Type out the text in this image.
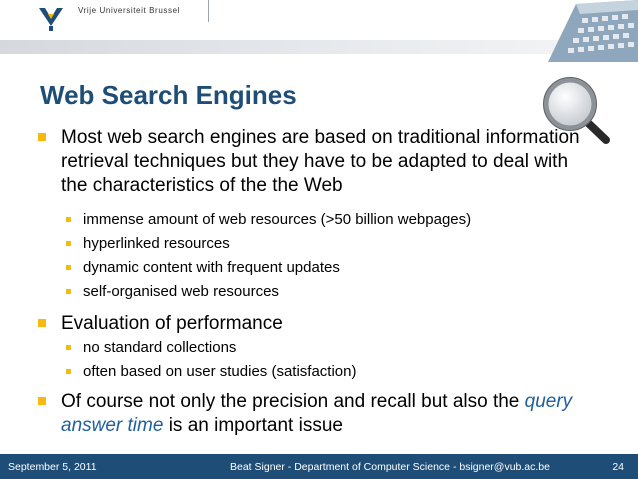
Vrije Universiteit Brussel
Web Search Engines
Most web search engines are based on traditional information retrieval techniques but they have to be adapted to deal with the characteristics of the the Web
immense amount of web resources (>50 billion webpages)
hyperlinked resources
dynamic content with frequent updates
self-organised web resources
Evaluation of performance
no standard collections
often based on user studies (satisfaction)
Of course not only the precision and recall but also the query answer time is an important issue
September 5, 2011	Beat Signer - Department of Computer Science - bsigner@vub.ac.be	24
